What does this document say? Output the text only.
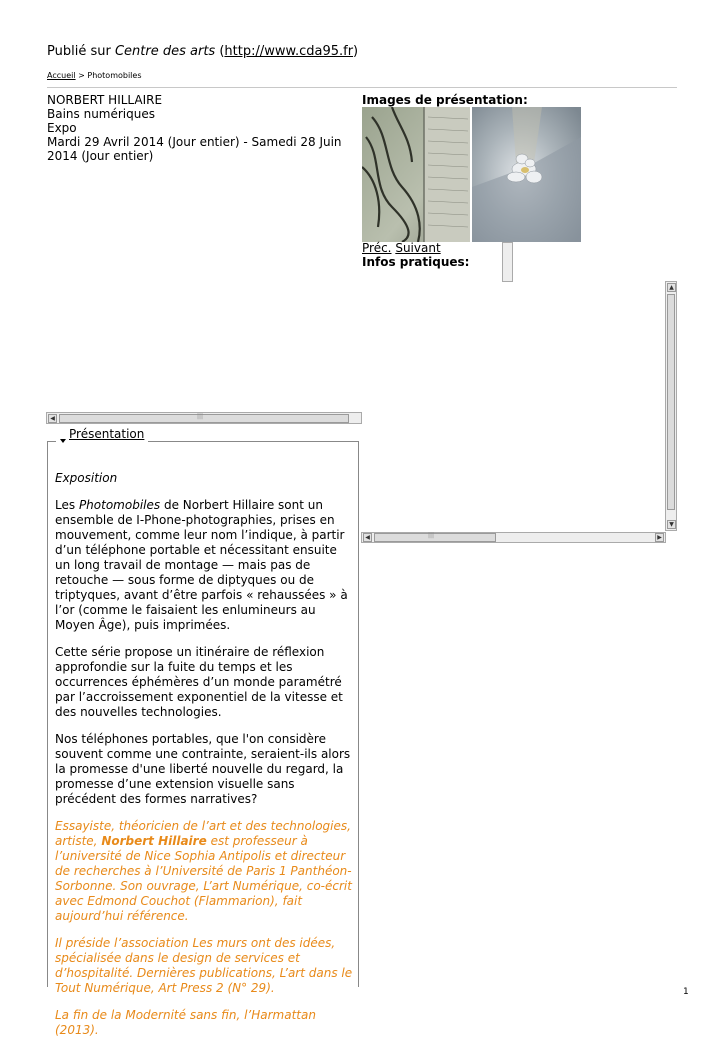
Publié sur Centre des arts (http://www.cda95.fr)
Accueil > Photomobiles
NORBERT HILLAIRE
Bains numériques
Expo
Mardi 29 Avril 2014 (Jour entier) - Samedi 28 Juin 2014 (Jour entier)
Images de présentation:
Préc. Suivant
Infos pratiques:
▲
▼
◀	|||	▶
◀	|||
Présentation

Exposition

Les Photomobiles de Norbert Hillaire sont un ensemble de I-Phone-photographies, prises en mouvement, comme leur nom l’indique, à partir d’un téléphone portable et nécessitant ensuite un long travail de montage — mais pas de retouche — sous forme de diptyques ou de triptyques, avant d’être parfois « rehaussées » à l’or (comme le faisaient les enlumineurs au Moyen Âge), puis imprimées.

Cette série propose un itinéraire de réflexion approfondie sur la fuite du temps et les occurrences éphémères d’un monde paramétré par l’accroissement exponentiel de la vitesse et des nouvelles technologies.

Nos téléphones portables, que l'on considère souvent comme une contrainte, seraient-ils alors la promesse d'une liberté nouvelle du regard, la promesse d’une extension visuelle sans précédent des formes narratives?

Essayiste, théoricien de l’art et des technologies, artiste, Norbert Hillaire est professeur à l’université de Nice Sophia Antipolis et directeur de recherches à l’Université de Paris 1 Panthéon-Sorbonne. Son ouvrage, L’art Numérique, co-écrit avec Edmond Couchot (Flammarion), fait aujourd’hui référence.

Il préside l’association Les murs ont des idées, spécialisée dans le design de services et d’hospitalité. Dernières publications, L’art dans le Tout Numérique, Art Press 2 (N° 29).

La fin de la Modernité sans fin, l’Harmattan (2013).

1
